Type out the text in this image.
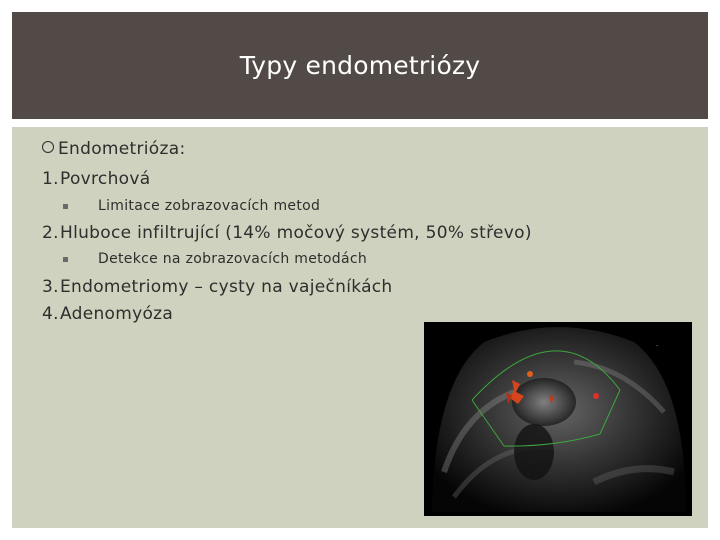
Typy endometriózy
Endometrióza:
1.Povrchová
Limitace zobrazovacích metod
2.Hluboce infiltrující (14% močový systém, 50% střevo)
Detekce na zobrazovacích metodách
3.Endometriomy – cysty na vaječníkách
4.Adenomyóza
.
